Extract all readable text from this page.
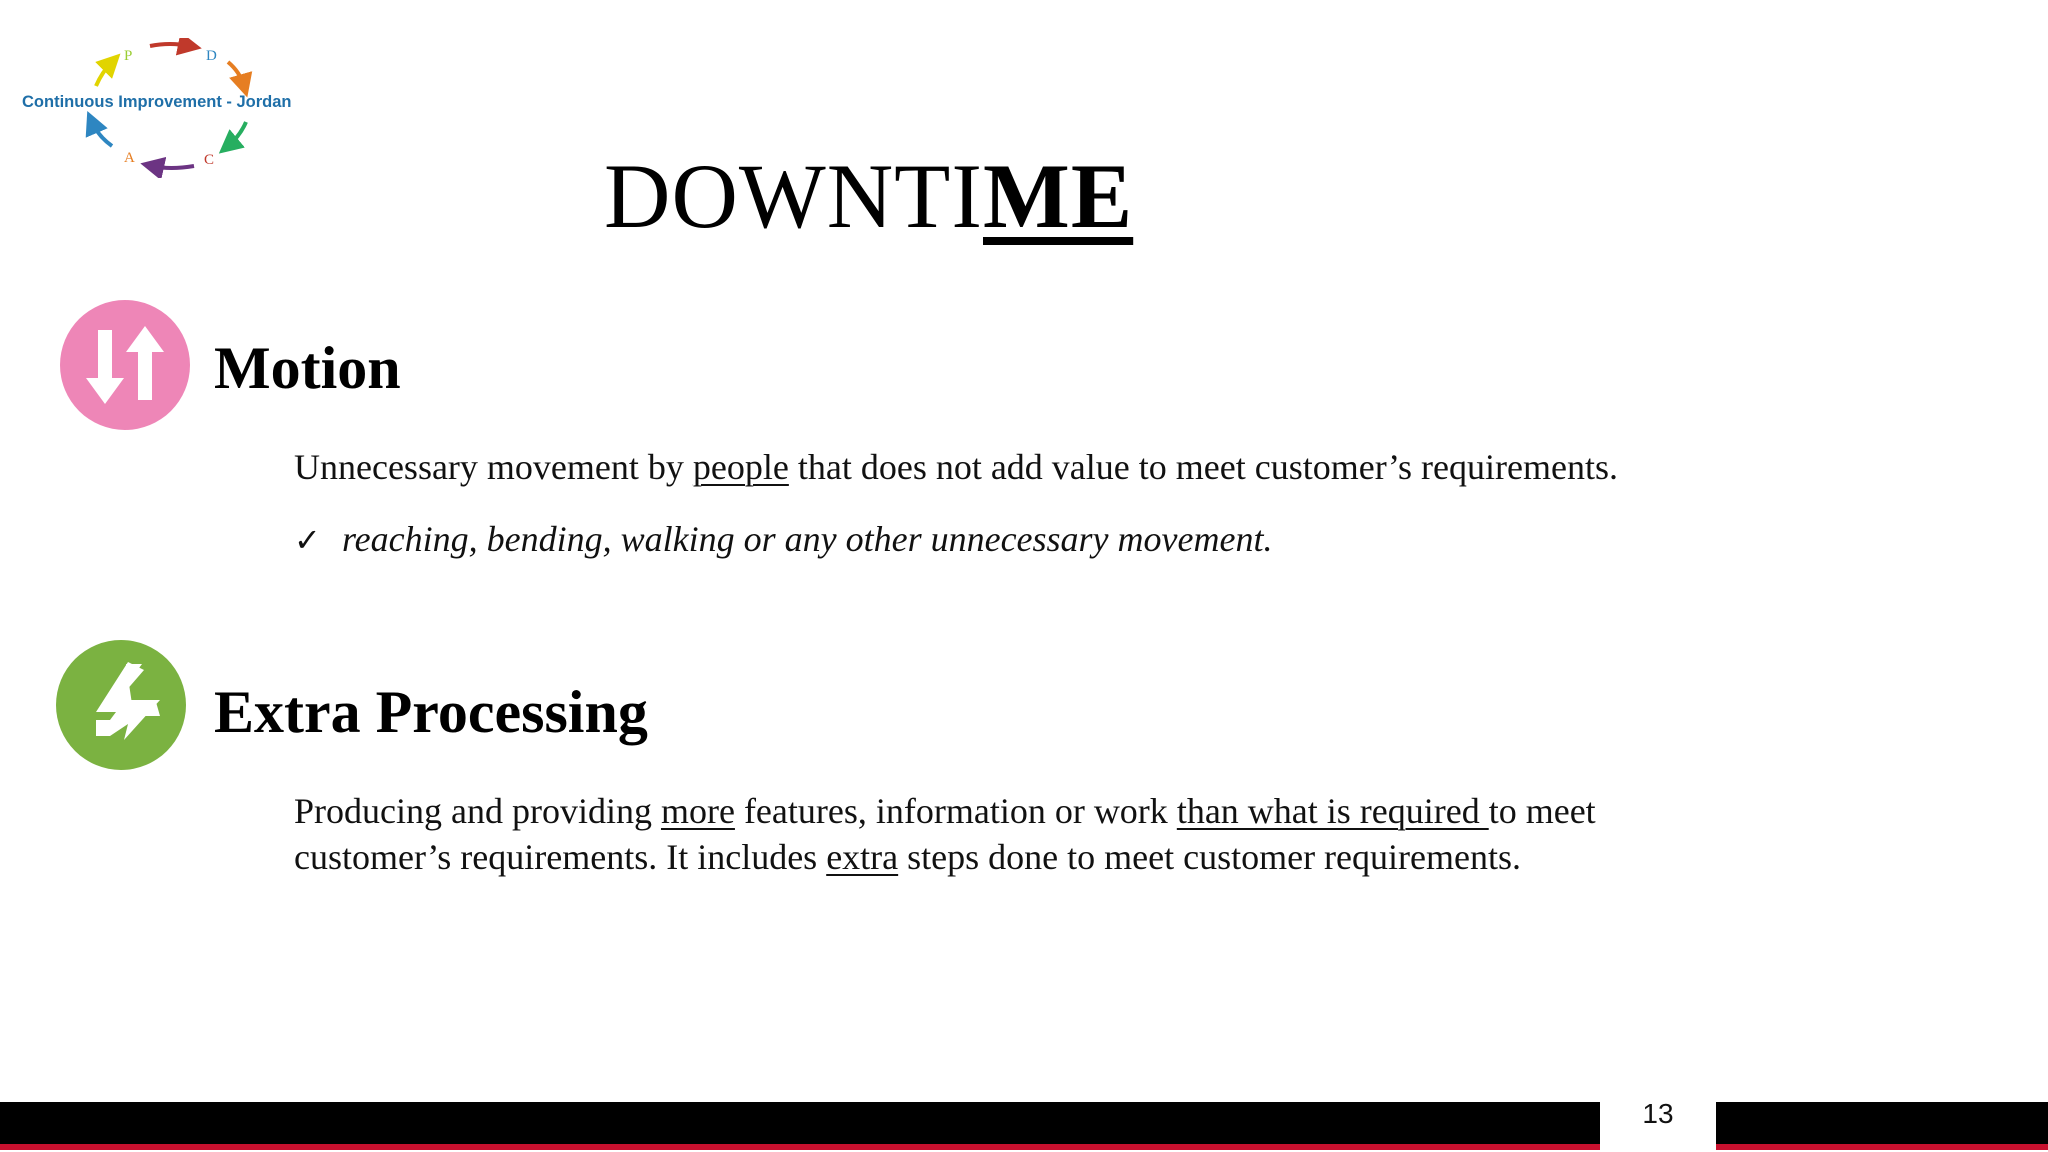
P	D
A	C
Continuous Improvement - Jordan
DOWNTIME
Motion
Unnecessary movement by people that does not add value to meet customer’s requirements.
✓ reaching, bending, walking or any other unnecessary movement.
Extra Processing
Producing and providing more features, information or work than what is required to meet
customer’s requirements. It includes extra steps done to meet customer requirements.
13
